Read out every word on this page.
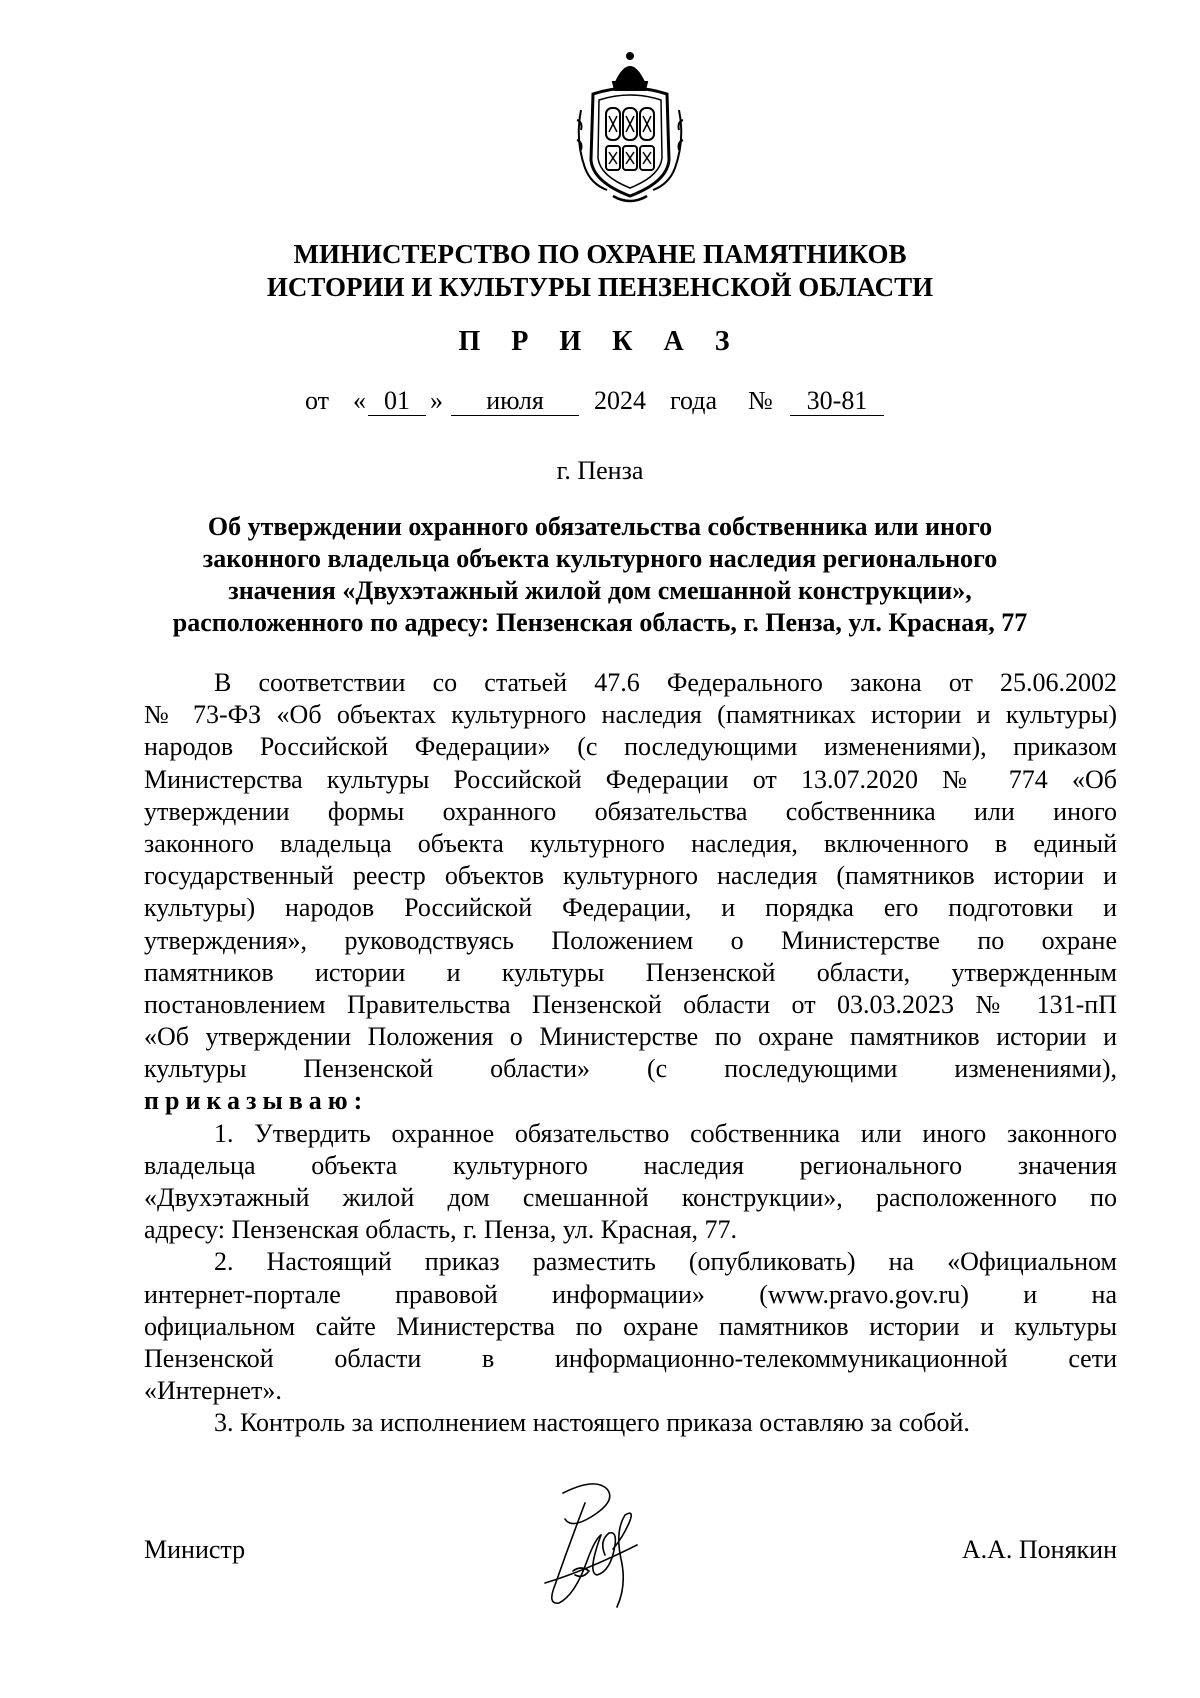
МИНИСТЕРСТВО ПО ОХРАНЕ ПАМЯТНИКОВ
ИСТОРИИ И КУЛЬТУРЫ ПЕНЗЕНСКОЙ ОБЛАСТИ
П Р И К А З
от « 01 »	июля	2024 года №	30-81
г. Пенза
Об утверждении охранного обязательства собственника или иного
законного владельца объекта культурного наследия регионального
значения «Двухэтажный жилой дом смешанной конструкции»,
расположенного по адресу: Пензенская область, г. Пенза, ул. Красная, 77
В соответствии со статьей 47.6 Федерального закона от 25.06.2002
№ 73-ФЗ «Об объектах культурного наследия (памятниках истории и культуры)
народов Российской Федерации» (с последующими изменениями), приказом
Министерства культуры Российской Федерации от 13.07.2020 № 774 «Об
утверждении формы охранного обязательства собственника или иного
законного владельца объекта культурного наследия, включенного в единый
государственный реестр объектов культурного наследия (памятников истории и
культуры) народов Российской Федерации, и порядка его подготовки и
утверждения», руководствуясь Положением о Министерстве по охране
памятников истории и культуры Пензенской области, утвержденным
постановлением Правительства Пензенской области от 03.03.2023 № 131-пП
«Об утверждении Положения о Министерстве по охране памятников истории и
культуры Пензенской области» (с последующими изменениями),
приказываю:
1. Утвердить охранное обязательство собственника или иного законного
владельца объекта культурного наследия регионального значения
«Двухэтажный жилой дом смешанной конструкции», расположенного по
адресу: Пензенская область, г. Пенза, ул. Красная, 77.
2. Настоящий приказ разместить (опубликовать) на «Официальном
интернет-портале правовой информации» (www.pravo.gov.ru) и на
официальном сайте Министерства по охране памятников истории и культуры
Пензенской области в информационно-телекоммуникационной сети
«Интернет».
3. Контроль за исполнением настоящего приказа оставляю за собой.
Министр	А.А. Понякин
